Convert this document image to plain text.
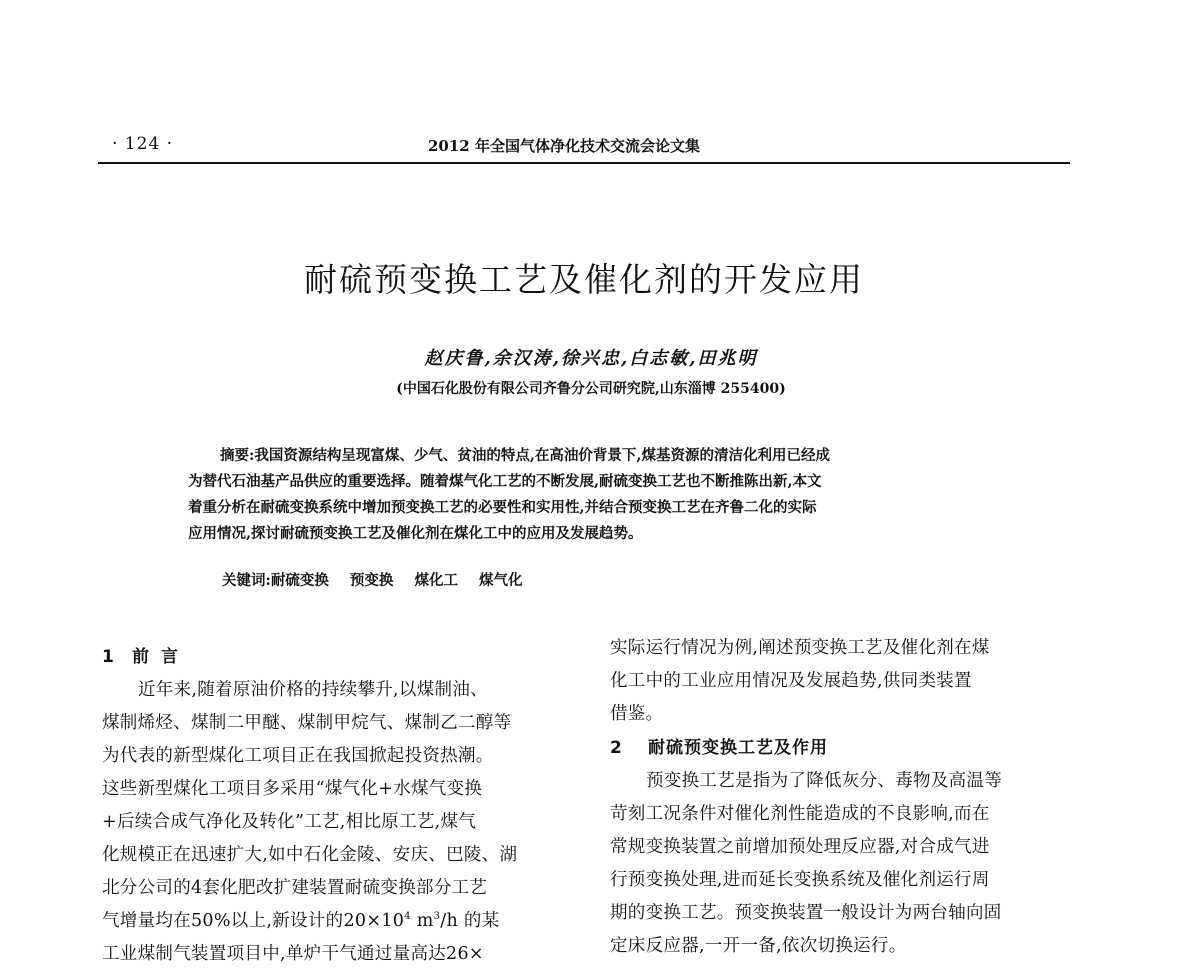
· 124 ·	2012 年全国气体净化技术交流会论文集
耐硫预变换工艺及催化剂的开发应用
赵庆鲁,余汉涛,徐兴忠,白志敏,田兆明
(中国石化股份有限公司齐鲁分公司研究院,山东淄博 255400)
摘要:我国资源结构呈现富煤、少气、贫油的特点,在高油价背景下,煤基资源的清洁化利用已经成
为替代石油基产品供应的重要选择。随着煤气化工艺的不断发展,耐硫变换工艺也不断推陈出新,本文
着重分析在耐硫变换系统中增加预变换工艺的必要性和实用性,并结合预变换工艺在齐鲁二化的实际
应用情况,探讨耐硫预变换工艺及催化剂在煤化工中的应用及发展趋势。
关键词:耐硫变换 预变换 煤化工 煤气化
1 前言
近年来,随着原油价格的持续攀升,以煤制油、
煤制烯烃、煤制二甲醚、煤制甲烷气、煤制乙二醇等
为代表的新型煤化工项目正在我国掀起投资热潮。
这些新型煤化工项目多采用“煤气化+水煤气变换
+后续合成气净化及转化”工艺,相比原工艺,煤气
化规模正在迅速扩大,如中石化金陵、安庆、巴陵、湖
北分公司的4套化肥改扩建装置耐硫变换部分工艺
气增量均在50%以上,新设计的$20\times 10^4$ $m^3/h$ 的某
工业煤制气装置项目中,单炉干气通过量高达26×
实际运行情况为例,阐述预变换工艺及催化剂在煤
化工中的工业应用情况及发展趋势,供同类装置
借鉴。
2 耐硫预变换工艺及作用
预变换工艺是指为了降低灰分、毒物及高温等
苛刻工况条件对催化剂性能造成的不良影响,而在
常规变换装置之前增加预处理反应器,对合成气进
行预变换处理,进而延长变换系统及催化剂运行周
期的变换工艺。预变换装置一般设计为两台轴向固
定床反应器,一开一备,依次切换运行。
